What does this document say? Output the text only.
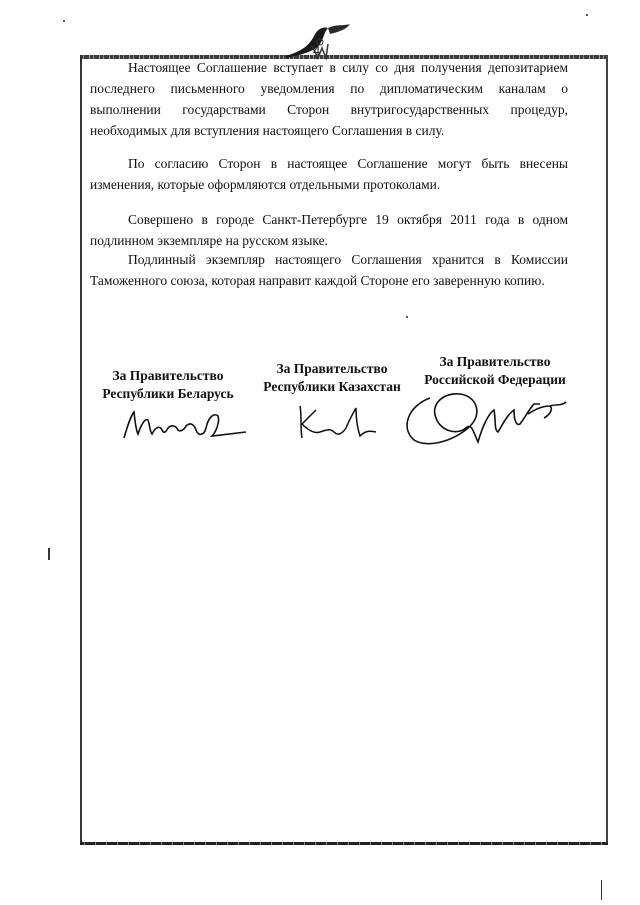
4

Настоящее Соглашение вступает в силу со дня получения депозитарием последнего письменного уведомления по дипломатическим каналам о выполнении государствами Сторон внутригосударственных процедур, необходимых для вступления настоящего Соглашения в силу.

По согласию Сторон в настоящее Соглашение могут быть внесены изменения, которые оформляются отдельными протоколами.

Совершено в городе Санкт-Петербурге 19 октября 2011 года в одном подлинном экземпляре на русском языке.

Подлинный экземпляр настоящего Соглашения хранится в Комиссии Таможенного союза, которая направит каждой Стороне его заверенную копию.

За Правительство
Республики Беларусь
За Правительство
Республики Казахстан
За Правительство
Российской Федерации
